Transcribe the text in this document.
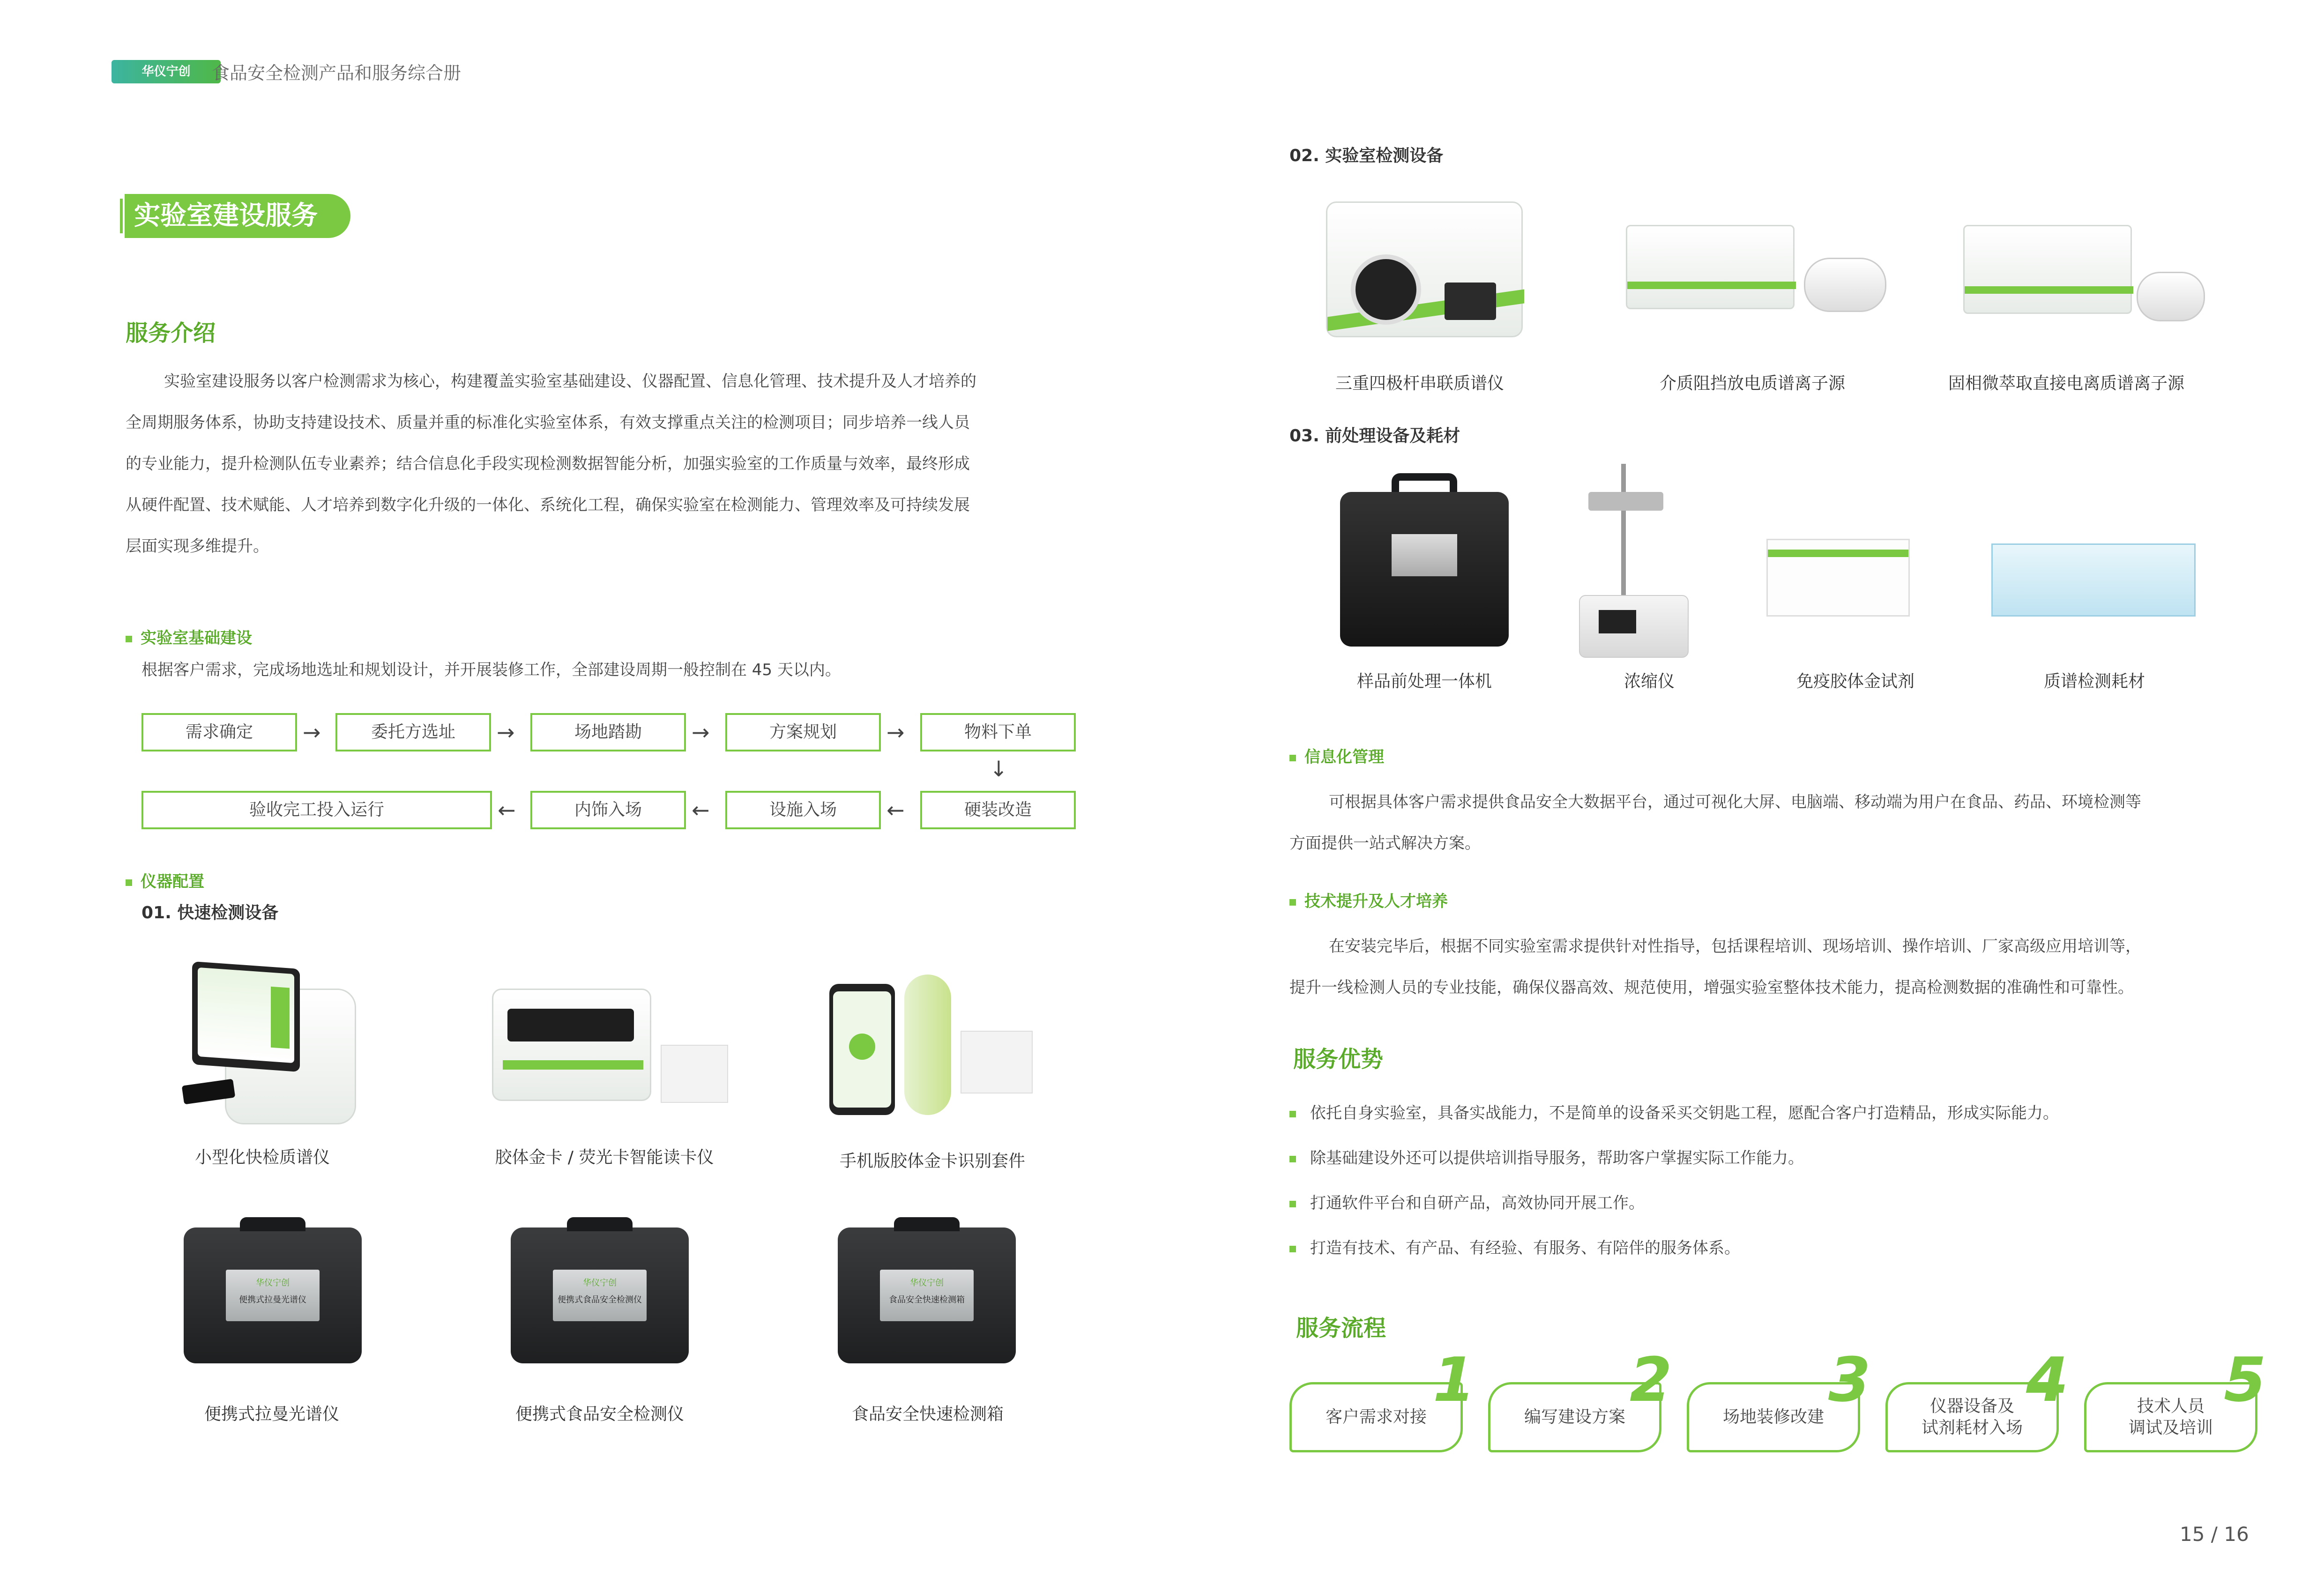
华仪宁创	食品安全检测产品和服务综合册
实验室建设服务
服务介绍
实验室建设服务以客户检测需求为核心，构建覆盖实验室基础建设、仪器配置、信息化管理、技术提升及人才培养的
全周期服务体系，协助支持建设技术、质量并重的标准化实验室体系，有效支撑重点关注的检测项目；同步培养一线人员
的专业能力，提升检测队伍专业素养；结合信息化手段实现检测数据智能分析，加强实验室的工作质量与效率，最终形成
从硬件配置、技术赋能、人才培养到数字化升级的一体化、系统化工程，确保实验室在检测能力、管理效率及可持续发展
层面实现多维提升。
实验室基础建设
根据客户需求，完成场地选址和规划设计，并开展装修工作，全部建设周期一般控制在 45 天以内。
需求确定	→	委托方选址	→	场地踏勘	→	方案规划	→	物料下单
↓
验收完工投入运行	←	内饰入场	←	设施入场	←	硬装改造
仪器配置
01. 快速检测设备
小型化快检质谱仪	胶体金卡 / 荧光卡智能读卡仪	手机版胶体金卡识别套件
华仪宁创
便携式拉曼光谱仪
华仪宁创
便携式食品安全检测仪
华仪宁创
食品安全快速检测箱
便携式拉曼光谱仪	便携式食品安全检测仪	食品安全快速检测箱
02. 实验室检测设备
三重四极杆串联质谱仪	介质阻挡放电质谱离子源	固相微萃取直接电离质谱离子源
03. 前处理设备及耗材
样品前处理一体机	浓缩仪	免疫胶体金试剂	质谱检测耗材
信息化管理
可根据具体客户需求提供食品安全大数据平台，通过可视化大屏、电脑端、移动端为用户在食品、药品、环境检测等
方面提供一站式解决方案。
技术提升及人才培养
在安装完毕后，根据不同实验室需求提供针对性指导，包括课程培训、现场培训、操作培训、厂家高级应用培训等，
提升一线检测人员的专业技能，确保仪器高效、规范使用，增强实验室整体技术能力，提高检测数据的准确性和可靠性。
服务优势
依托自身实验室，具备实战能力，不是简单的设备采买交钥匙工程，愿配合客户打造精品，形成实际能力。
除基础建设外还可以提供培训指导服务，帮助客户掌握实际工作能力。
打通软件平台和自研产品，高效协同开展工作。
打造有技术、有产品、有经验、有服务、有陪伴的服务体系。
服务流程
客户需求对接
1
编写建设方案
2
场地装修改建
3	仪器设备及
试剂耗材入场
4	技术人员
调试及培训
5
15 / 16
